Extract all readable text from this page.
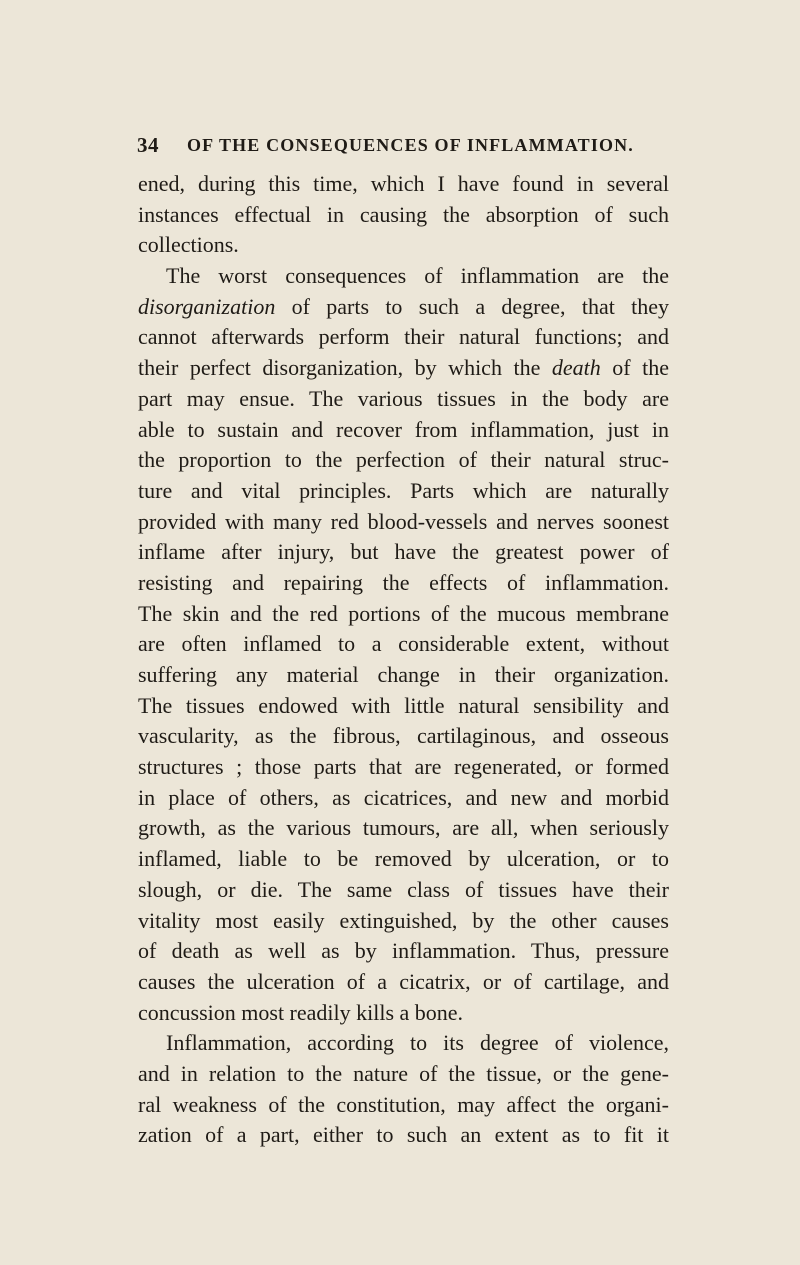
34 OF THE CONSEQUENCES OF INFLAMMATION.
ened, during this time, which I have found in several
instances effectual in causing the absorption of such
collections.
The worst consequences of inflammation are the
disorganization of parts to such a degree, that they
cannot afterwards perform their natural functions; and
their perfect disorganization, by which the death of the
part may ensue. The various tissues in the body are
able to sustain and recover from inflammation, just in
the proportion to the perfection of their natural struc-
ture and vital principles. Parts which are naturally
provided with many red blood-vessels and nerves soonest
inflame after injury, but have the greatest power of
resisting and repairing the effects of inflammation.
The skin and the red portions of the mucous membrane
are often inflamed to a considerable extent, without
suffering any material change in their organization.
The tissues endowed with little natural sensibility and
vascularity, as the fibrous, cartilaginous, and osseous
structures ; those parts that are regenerated, or formed
in place of others, as cicatrices, and new and morbid
growth, as the various tumours, are all, when seriously
inflamed, liable to be removed by ulceration, or to
slough, or die. The same class of tissues have their
vitality most easily extinguished, by the other causes
of death as well as by inflammation. Thus, pressure
causes the ulceration of a cicatrix, or of cartilage, and
concussion most readily kills a bone.
Inflammation, according to its degree of violence,
and in relation to the nature of the tissue, or the gene-
ral weakness of the constitution, may affect the organi-
zation of a part, either to such an extent as to fit it
